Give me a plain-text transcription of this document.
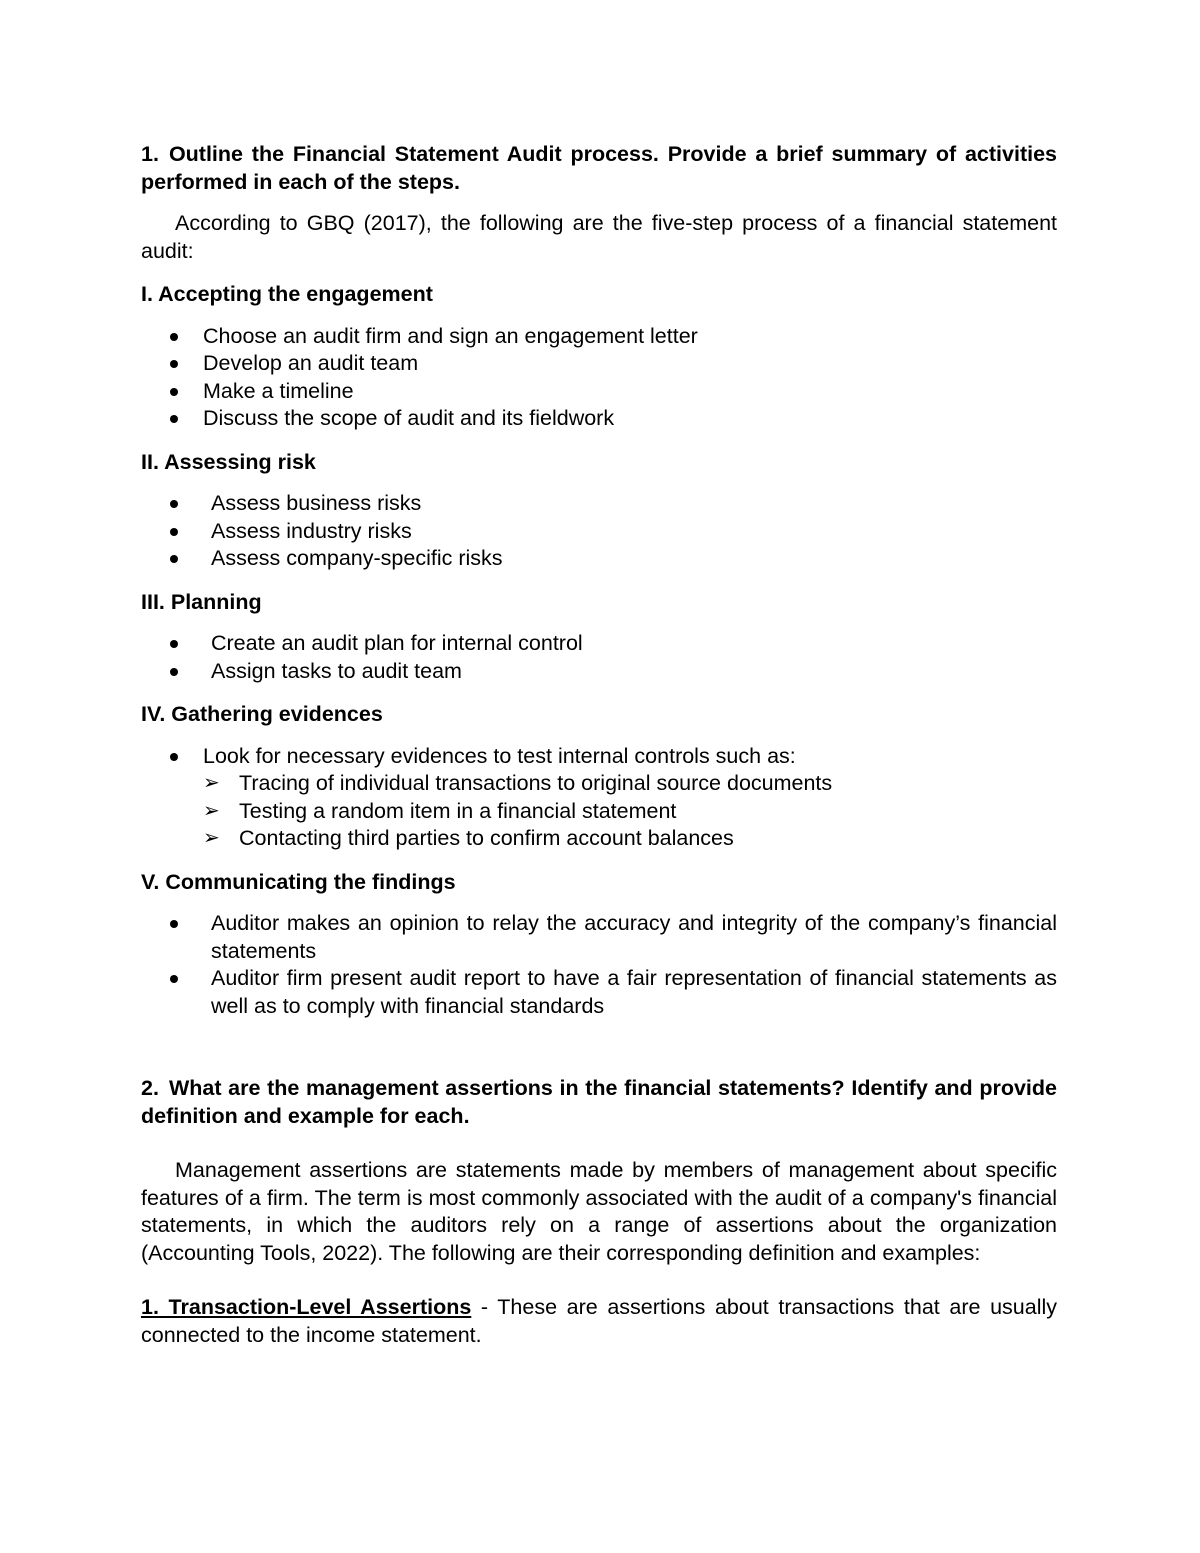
1. Outline the Financial Statement Audit process. Provide a brief summary of activities performed in each of the steps.

According to GBQ (2017), the following are the five-step process of a financial statement audit:

I. Accepting the engagement

Choose an audit firm and sign an engagement letter
Develop an audit team
Make a timeline
Discuss the scope of audit and its fieldwork

II. Assessing risk

Assess business risks
Assess industry risks
Assess company-specific risks

III. Planning

Create an audit plan for internal control
Assign tasks to audit team

IV. Gathering evidences

Look for necessary evidences to test internal controls such as:
➢ Tracing of individual transactions to original source documents
➢ Testing a random item in a financial statement
➢ Contacting third parties to confirm account balances

V. Communicating the findings

Auditor makes an opinion to relay the accuracy and integrity of the company’s financial statements
Auditor firm present audit report to have a fair representation of financial statements as well as to comply with financial standards

2. What are the management assertions in the financial statements? Identify and provide definition and example for each.

Management assertions are statements made by members of management about specific features of a firm. The term is most commonly associated with the audit of a company's financial statements, in which the auditors rely on a range of assertions about the organization (Accounting Tools, 2022). The following are their corresponding definition and examples:

1. Transaction-Level Assertions - These are assertions about transactions that are usually connected to the income statement.
